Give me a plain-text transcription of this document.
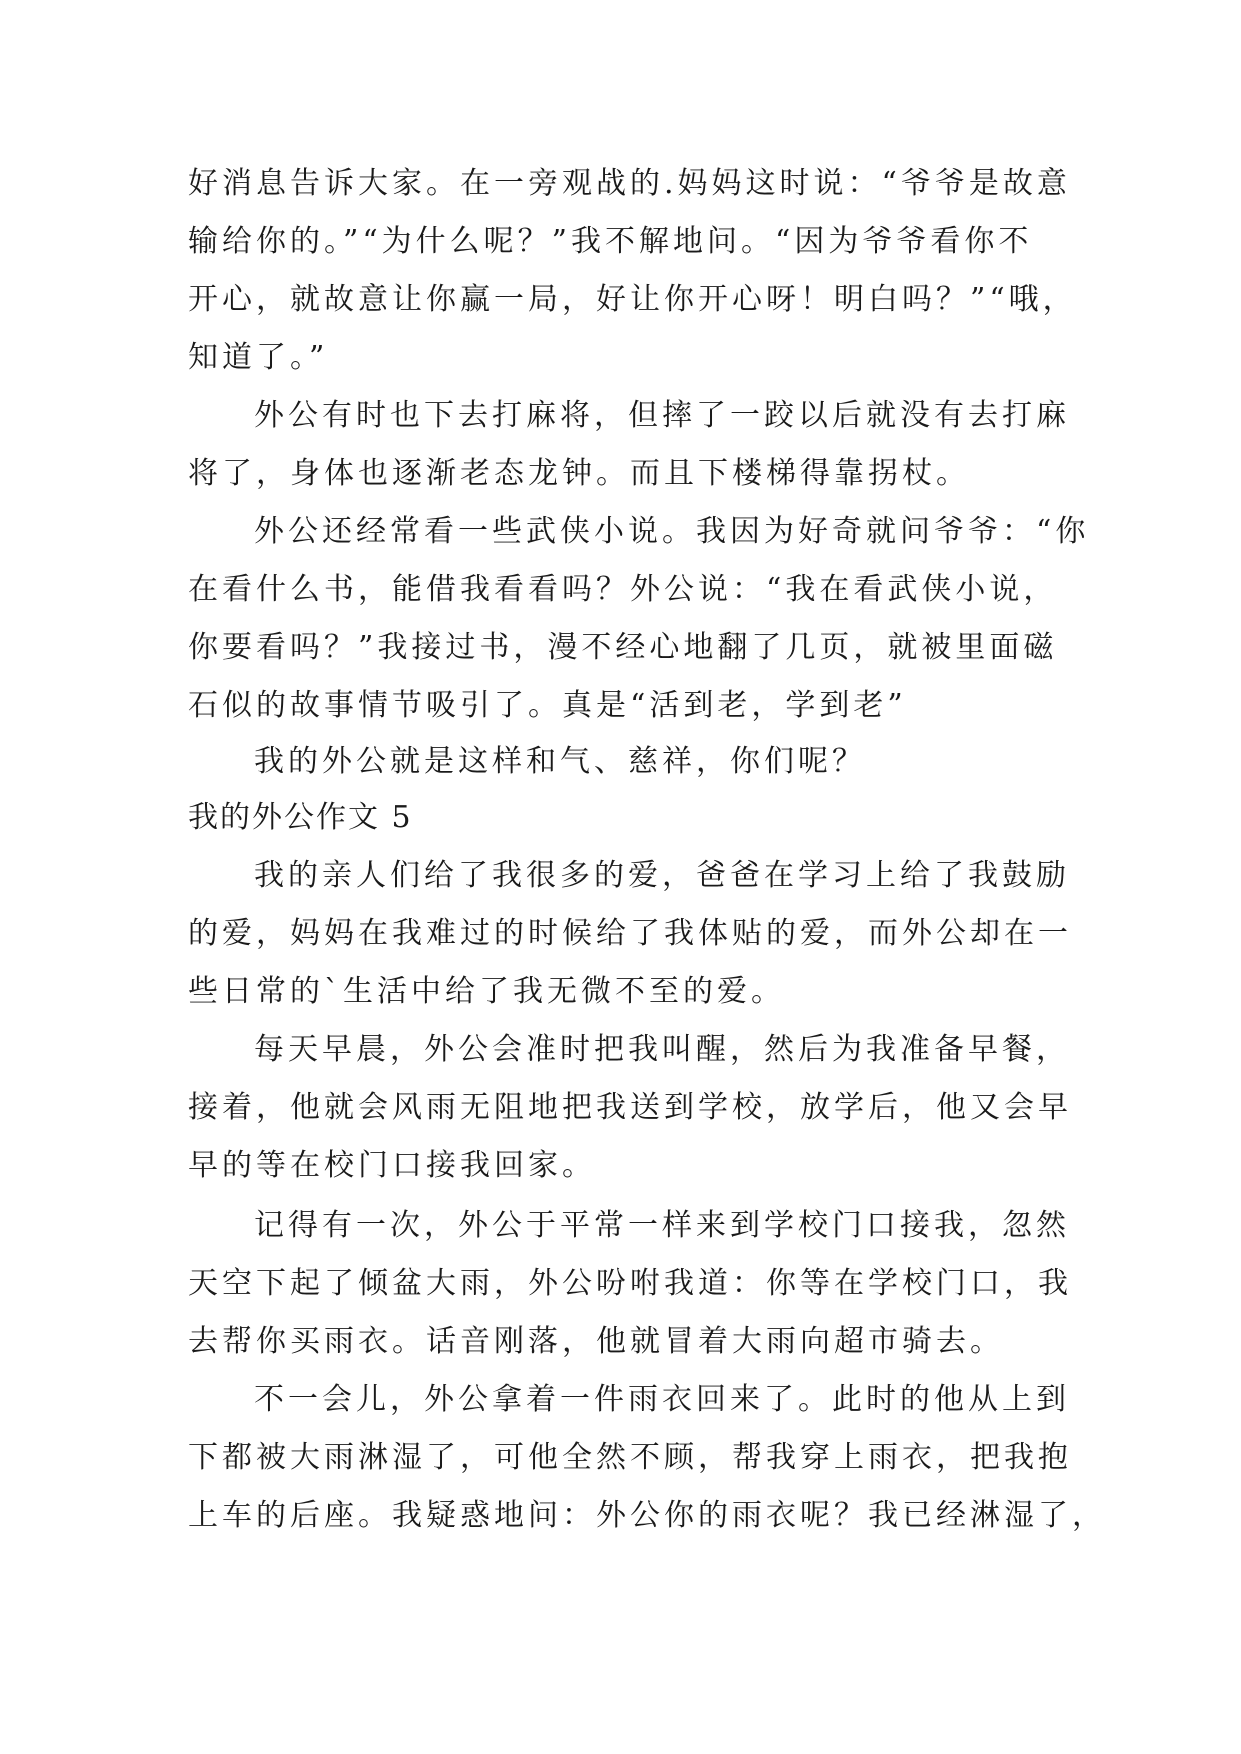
好消息告诉大家。在一旁观战的.妈妈这时说：“爷爷是故意
输给你的。”“为什么呢？”我不解地问。“因为爷爷看你不
开心，就故意让你赢一局，好让你开心呀！明白吗？”“哦，
知道了。”
外公有时也下去打麻将，但摔了一跤以后就没有去打麻
将了，身体也逐渐老态龙钟。而且下楼梯得靠拐杖。
外公还经常看一些武侠小说。我因为好奇就问爷爷：“你
在看什么书，能借我看看吗？外公说：“我在看武侠小说，
你要看吗？”我接过书，漫不经心地翻了几页，就被里面磁
石似的故事情节吸引了。真是“活到老，学到老”
我的外公就是这样和气、慈祥，你们呢？
我的外公作文 5
我的亲人们给了我很多的爱，爸爸在学习上给了我鼓励
的爱，妈妈在我难过的时候给了我体贴的爱，而外公却在一
些日常的`生活中给了我无微不至的爱。
每天早晨，外公会准时把我叫醒，然后为我准备早餐，
接着，他就会风雨无阻地把我送到学校，放学后，他又会早
早的等在校门口接我回家。
记得有一次，外公于平常一样来到学校门口接我，忽然
天空下起了倾盆大雨，外公吩咐我道：你等在学校门口，我
去帮你买雨衣。话音刚落，他就冒着大雨向超市骑去。
不一会儿，外公拿着一件雨衣回来了。此时的他从上到
下都被大雨淋湿了，可他全然不顾，帮我穿上雨衣，把我抱
上车的后座。我疑惑地问：外公你的雨衣呢？我已经淋湿了，
